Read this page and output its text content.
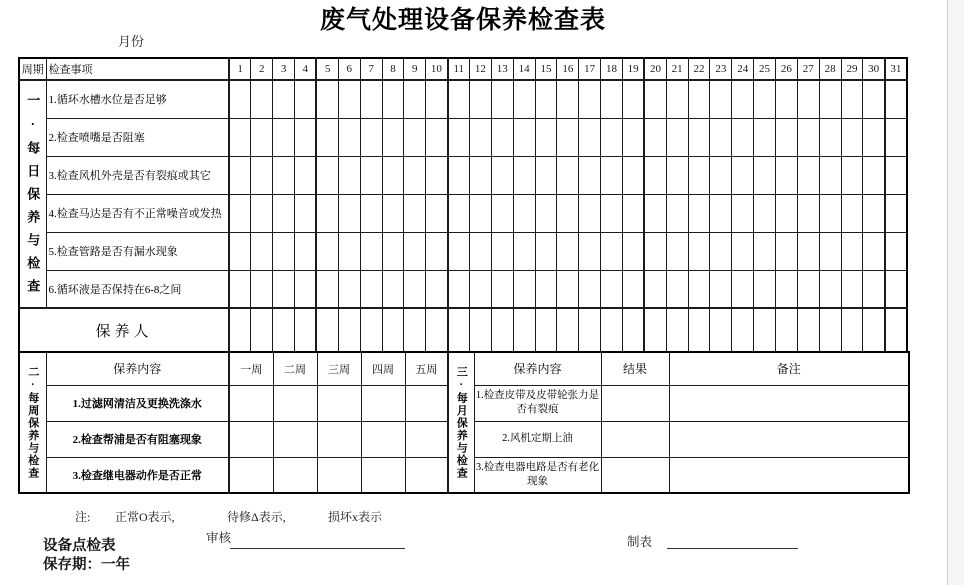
废气处理设备保养检查表
月份
周期	检查事项	1	2	3	4	5	6	7	8	9	10	11	12	13	14	15	16	17	18	19	20	21	22	23	24	25	26	27	28	29	30	31
一·每日保养与检查	1.循环水槽水位是否足够																															
	2.检查喷嘴是否阻塞																															
	3.检查风机外壳是否有裂痕或其它																															
	4.检查马达是否有不正常噪音或发热																															
	5.检查管路是否有漏水现象																															
	6.循环液是否保持在6-8之间																															
保养人																																
二·每周保养与检查	保养内容	一周	二周	三周	四周	五周	三·每月保养与检查	保养内容	结果	备注
	1.过滤网清洁及更换洗涤水							1.检查皮带及皮带轮张力是否有裂痕		
	2.检查帮浦是否有阻塞现象							2.风机定期上油		
	3.检查继电器动作是否正常							3.检查电器电路是否有老化现象		
注: 正常O表示,	待修Δ表示,	损坏x表示
审核	制表
设备点检表
保存期：一年
